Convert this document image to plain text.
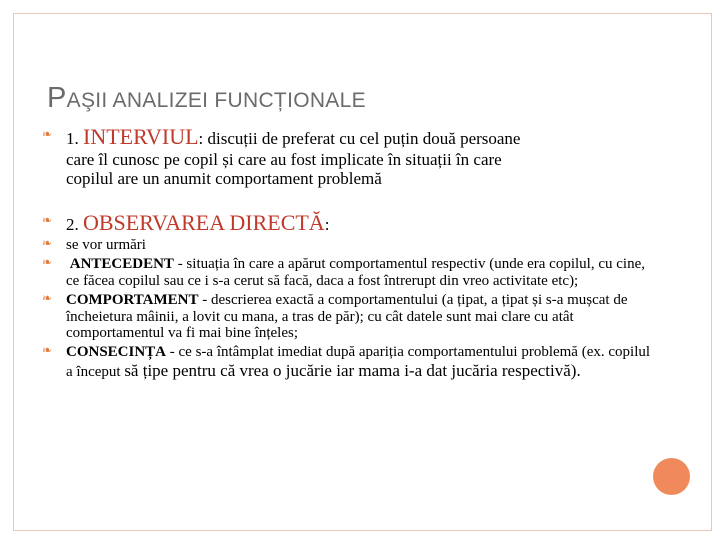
PAŞII ANALIZEI FUNCȚIONALE
❧ 1. INTERVIUL: discuții de preferat cu cel puțin două persoane
care îl cunosc pe copil și care au fost implicate în situații în care
copilul are un anumit comportament problemă
❧ 2. OBSERVAREA DIRECTĂ:
❧ se vor urmări
❧ ANTECEDENT - situația în care a apărut comportamentul respectiv (unde era copilul, cu cine, ce făcea copilul sau ce i s-a cerut să facă, daca a fost întrerupt din vreo activitate etc);
❧ COMPORTAMENT - descrierea exactă a comportamentului (a țipat, a țipat și s-a mușcat de încheietura mâinii, a lovit cu mana, a tras de păr); cu cât datele sunt mai clare cu atât comportamentul va fi mai bine înțeles;
❧ CONSECINȚA - ce s-a întâmplat imediat după apariția comportamentului problemă (ex. copilul a început să țipe pentru că vrea o jucărie iar mama i-a dat jucăria respectivă).
